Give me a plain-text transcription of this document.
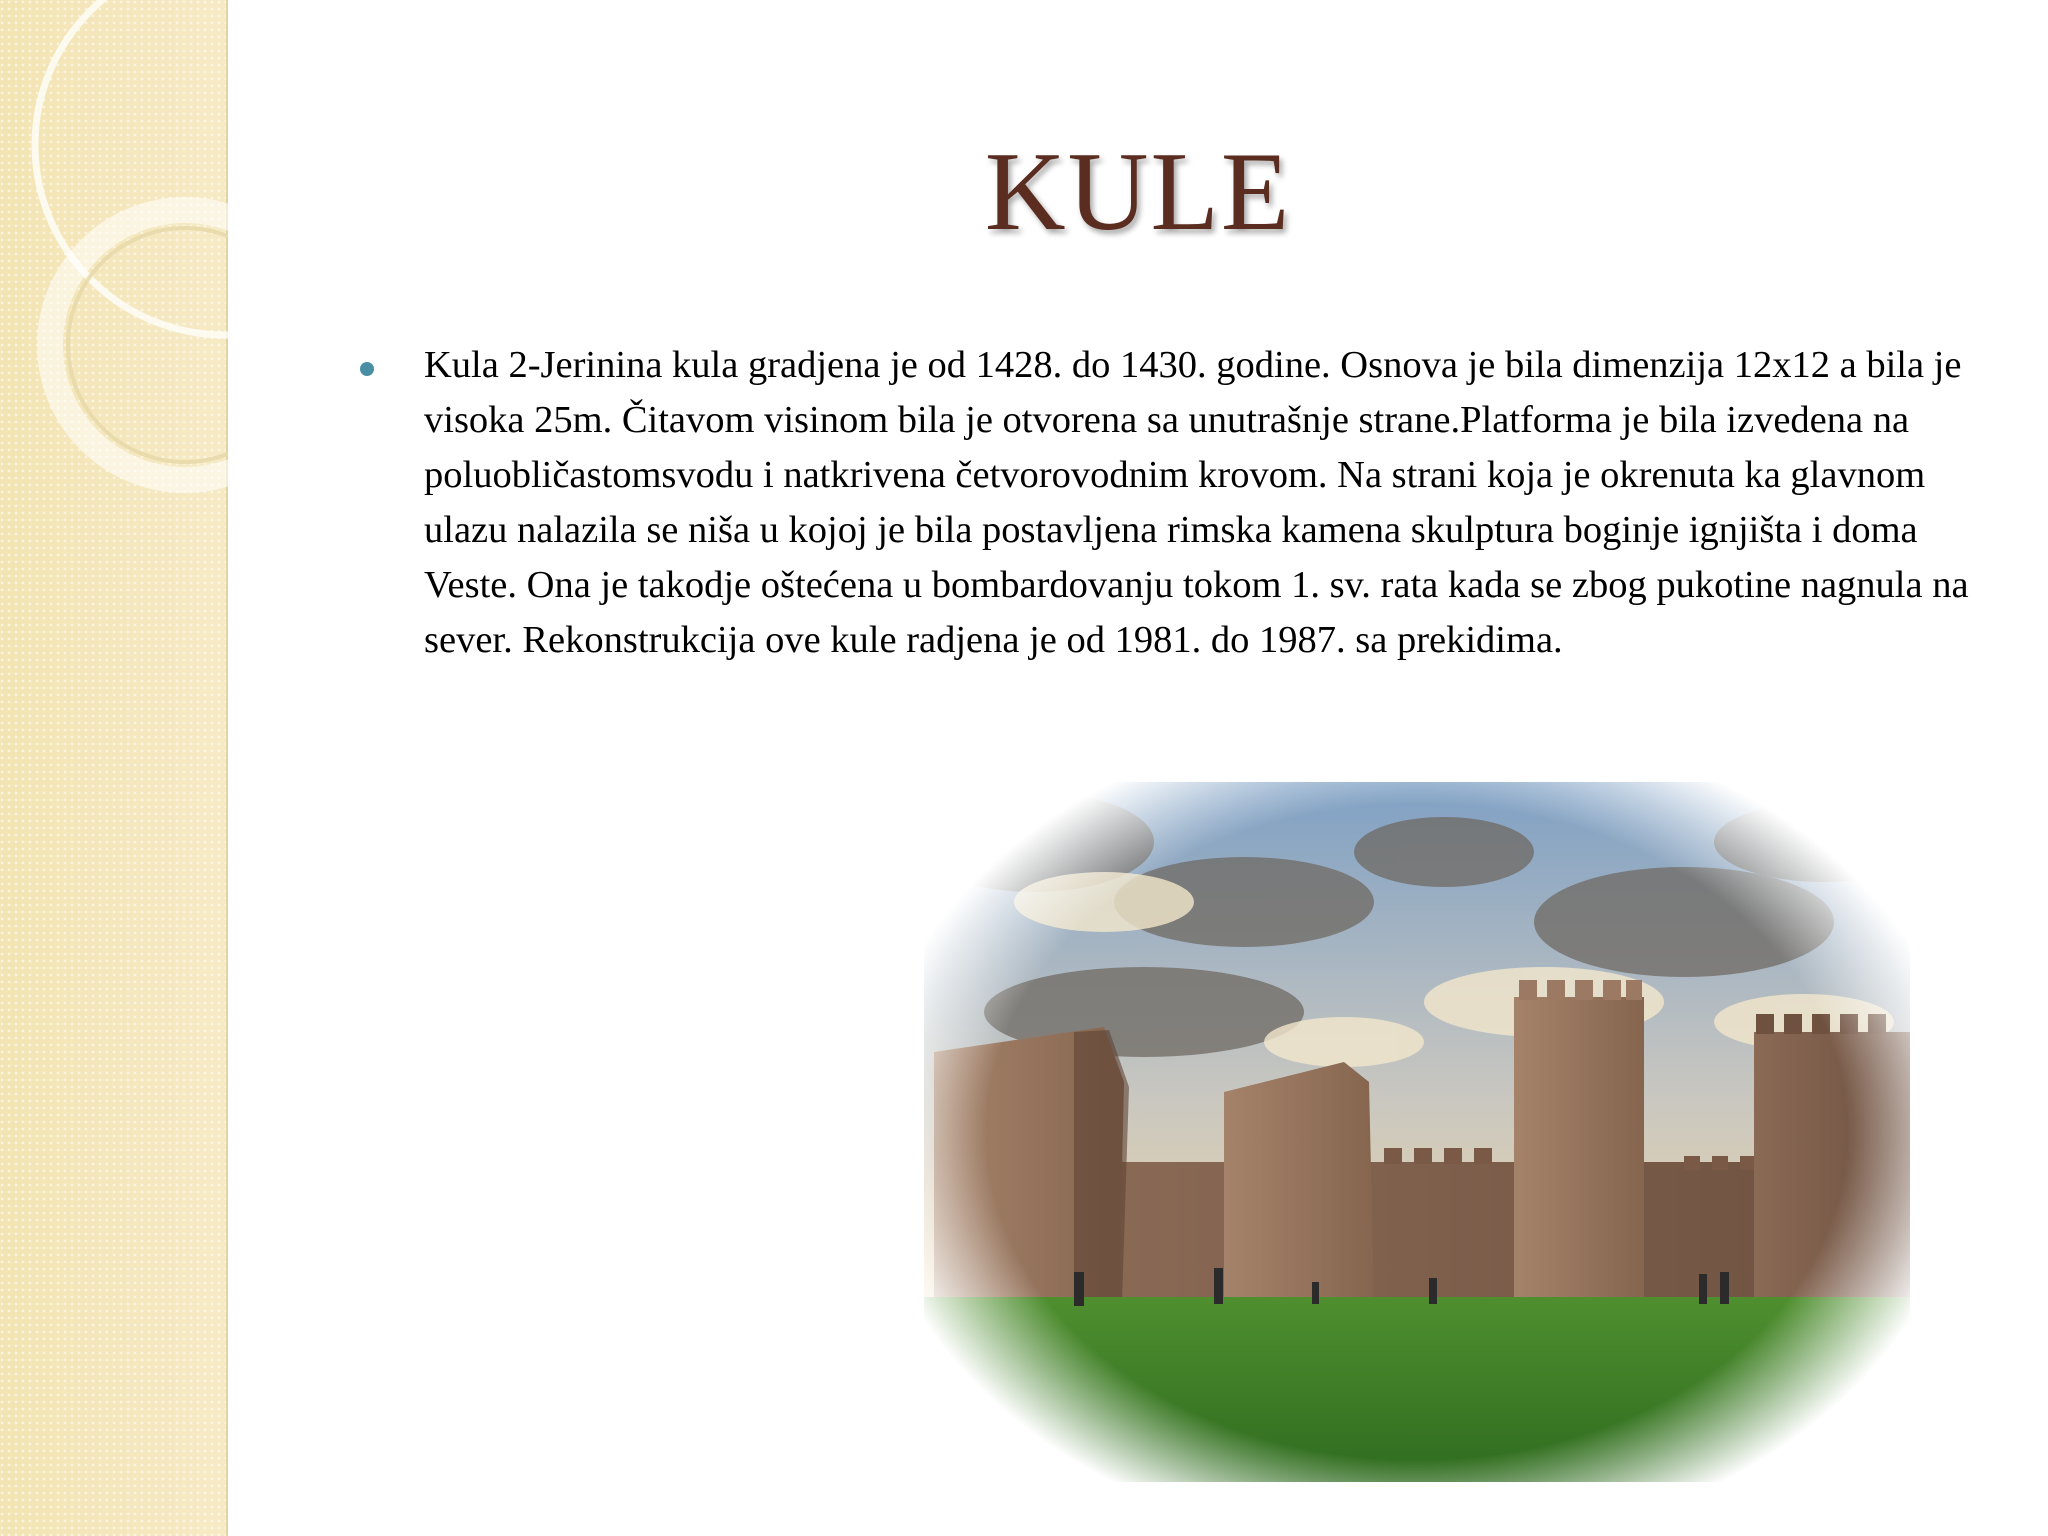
KULE
Kula 2-Jerinina kula gradjena je od 1428. do 1430. godine. Osnova je bila dimenzija 12x12 a bila je visoka 25m. Čitavom visinom bila je otvorena sa unutrašnje strane.Platforma je bila izvedena na poluobličastomsvodu i natkrivena četvorovodnim krovom. Na strani koja je okrenuta ka glavnom ulazu nalazila se niša u kojoj je bila postavljena rimska kamena skulptura boginje ignjišta i doma Veste. Ona je takodje oštećena u bombardovanju tokom 1. sv. rata kada se zbog pukotine nagnula na sever. Rekonstrukcija ove kule radjena je od 1981. do 1987. sa prekidima.
